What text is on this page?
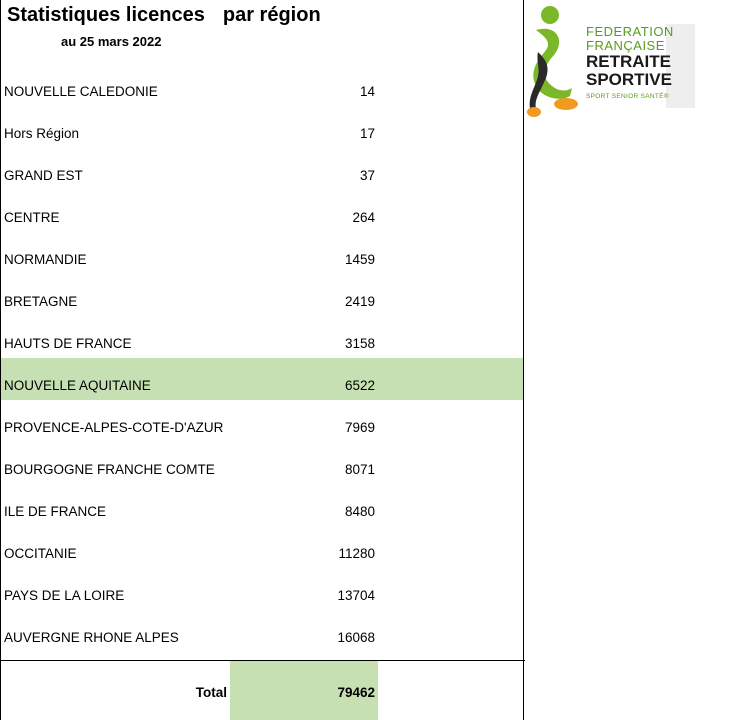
Statistiques licences par région
au 25 mars 2022
NOUVELLE CALEDONIE	14
Hors Région	17
GRAND EST	37
CENTRE	264
NORMANDIE	1459
BRETAGNE	2419
HAUTS DE FRANCE	3158
NOUVELLE AQUITAINE	6522
PROVENCE-ALPES-COTE-D'AZUR	7969
BOURGOGNE FRANCHE COMTE	8071
ILE DE FRANCE	8480
OCCITANIE	11280
PAYS DE LA LOIRE	13704
AUVERGNE RHONE ALPES	16068
Total	79462
FEDERATION
FRANÇAISE
RETRAITE
SPORTIVE
SPORT SENIOR SANTÉ®
